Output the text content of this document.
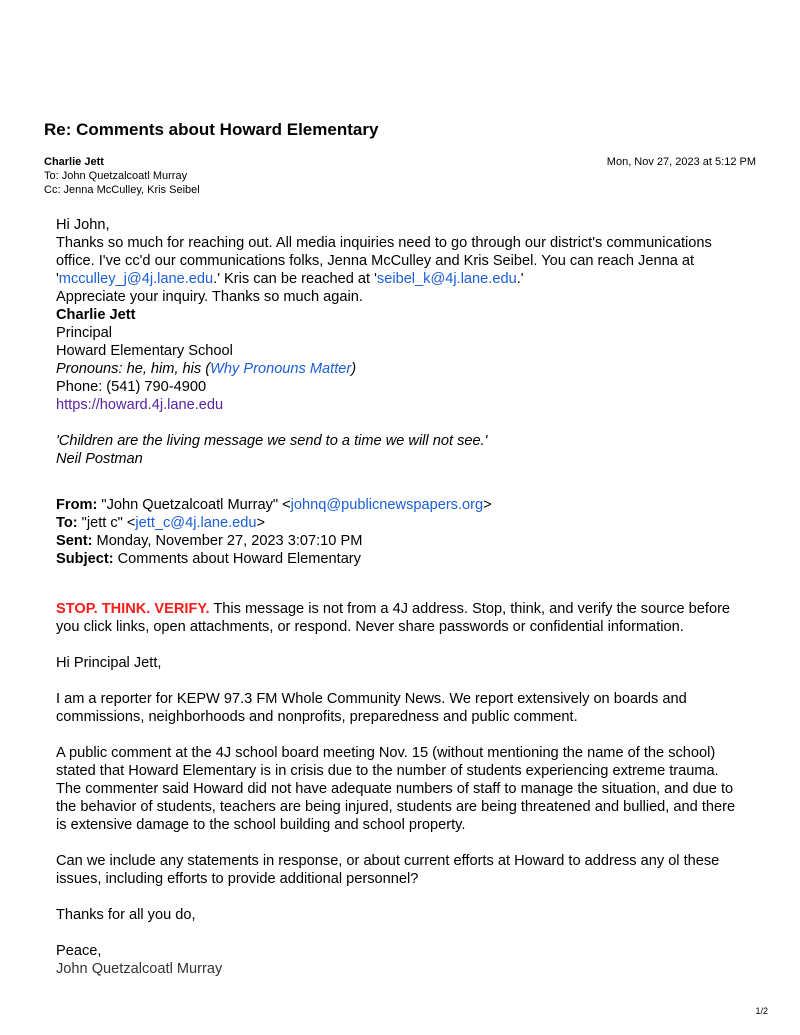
Re: Comments about Howard Elementary
Charlie Jett	Mon, Nov 27, 2023 at 5:12 PM
To: John Quetzalcoatl Murray
Cc: Jenna McCulley, Kris Seibel

Hi John,

Thanks so much for reaching out. All media inquiries need to go through our district's communications office. I've cc'd our communications folks, Jenna McCulley and Kris Seibel. You can reach Jenna at 'mcculley_j@4j.lane.edu.' Kris can be reached at 'seibel_k@4j.lane.edu.'

Appreciate your inquiry. Thanks so much again.

Charlie Jett

Principal

Howard Elementary School

Pronouns: he, him, his (Why Pronouns Matter)

Phone: (541) 790-4900

https://howard.4j.lane.edu

'Children are the living message we send to a time we will not see.'

Neil Postman

From: "John Quetzalcoatl Murray" <johnq@publicnewspapers.org>

To: "jett c" <jett_c@4j.lane.edu>

Sent: Monday, November 27, 2023 3:07:10 PM

Subject: Comments about Howard Elementary

STOP. THINK. VERIFY. This message is not from a 4J address. Stop, think, and verify the source before you click links, open attachments, or respond. Never share passwords or confidential information.

Hi Principal Jett,

I am a reporter for KEPW 97.3 FM Whole Community News. We report extensively on boards and commissions, neighborhoods and nonprofits, preparedness and public comment.

A public comment at the 4J school board meeting Nov. 15 (without mentioning the name of the school) stated that Howard Elementary is in crisis due to the number of students experiencing extreme trauma. The commenter said Howard did not have adequate numbers of staff to manage the situation, and due to the behavior of students, teachers are being injured, students are being threatened and bullied, and there is extensive damage to the school building and school property.

Can we include any statements in response, or about current efforts at Howard to address any ol these issues, including efforts to provide additional personnel?

Thanks for all you do,

Peace,

John Quetzalcoatl Murray

1/2
